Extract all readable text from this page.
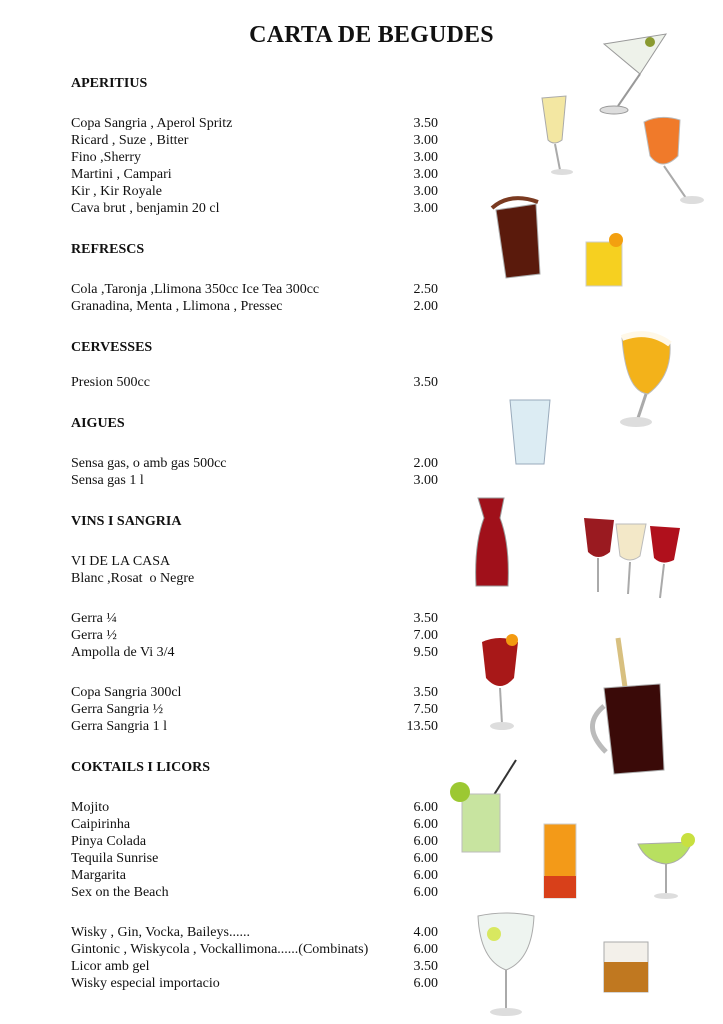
CARTA DE BEGUDES
APERITIUS
Copa Sangria , Aperol Spritz	3.50
Ricard , Suze , Bitter	3.00
Fino ,Sherry	3.00
Martini , Campari	3.00
Kir , Kir Royale	3.00
Cava brut , benjamin 20 cl	3.00
REFRESCS
Cola ,Taronja ,Llimona 350cc Ice Tea 300cc	2.50
Granadina, Menta , Llimona , Pressec	2.00
CERVESSES
Presion 500cc	3.50
AIGUES
Sensa gas, o amb gas 500cc	2.00
Sensa gas 1 l	3.00
VINS I SANGRIA
VI DE LA CASA
Blanc ,Rosat  o Negre
Gerra ¼	3.50
Gerra ½	7.00
Ampolla de Vi 3/4	9.50
Copa Sangria 300cl	3.50
Gerra Sangria ½	7.50
Gerra Sangria 1 l	13.50
COKTAILS I LICORS
Mojito	6.00
Caipirinha	6.00
Pinya Colada	6.00
Tequila Sunrise	6.00
Margarita	6.00
Sex on the Beach	6.00
Wisky , Gin, Vocka, Baileys......	4.00
Gintonic , Wiskycola , Vockallimona......(Combinats)	6.00
Licor amb gel	3.50
Wisky especial importacio	6.00
